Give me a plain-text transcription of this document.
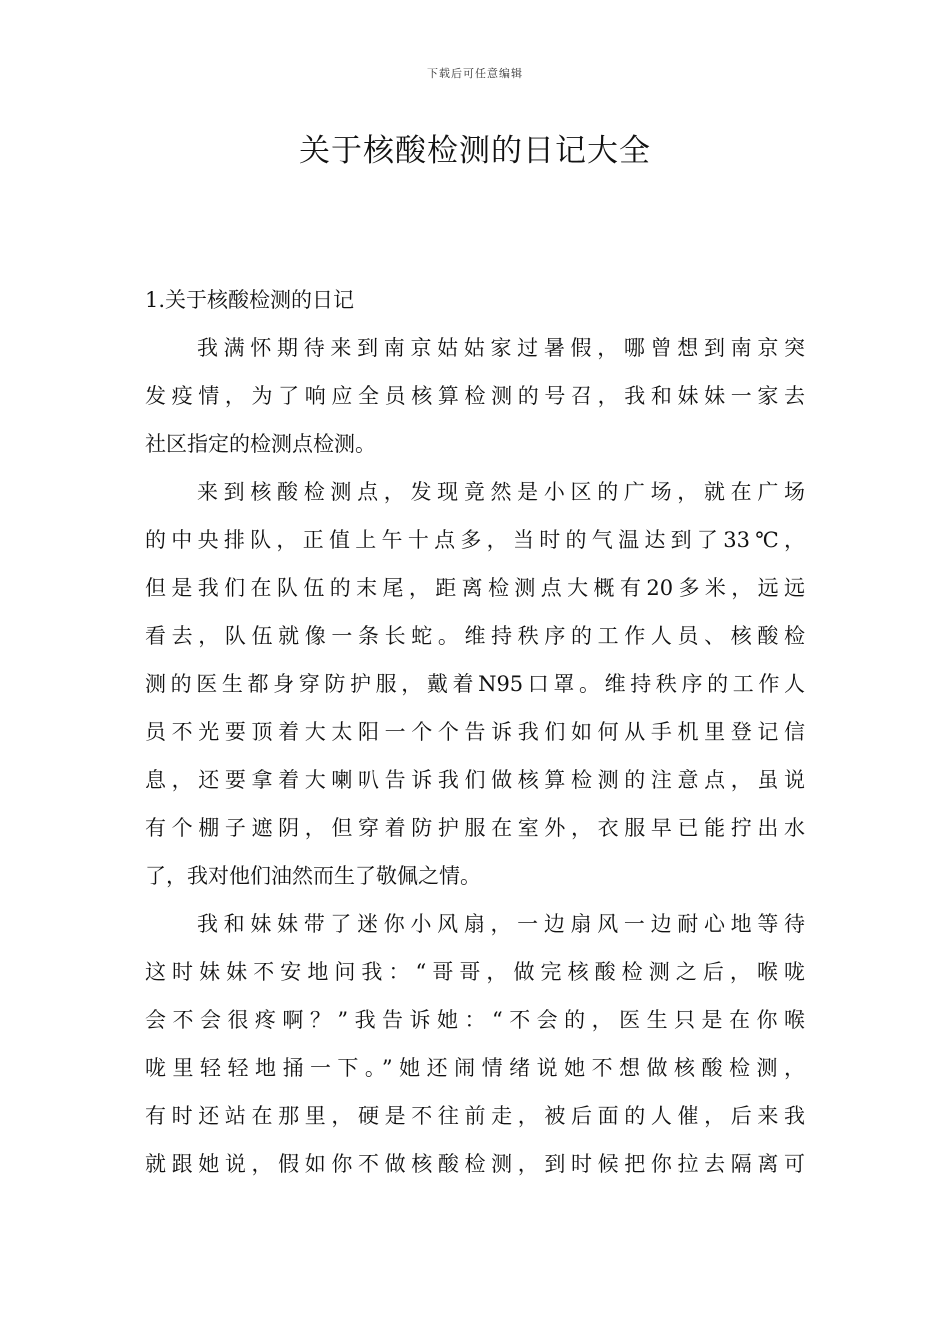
下载后可任意编辑
关于核酸检测的日记大全

1.关于核酸检测的日记

我满怀期待来到南京姑姑家过暑假，哪曾想到南京突
发疫情，为了响应全员核算检测的号召，我和妹妹一家去
社区指定的检测点检测。

来到核酸检测点，发现竟然是小区的广场，就在广场
的中央排队，正值上午十点多，当时的气温达到了33℃，
但是我们在队伍的末尾，距离检测点大概有20多米，远远
看去，队伍就像一条长蛇。维持秩序的工作人员、核酸检
测的医生都身穿防护服，戴着N95口罩。维持秩序的工作人
员不光要顶着大太阳一个个告诉我们如何从手机里登记信
息，还要拿着大喇叭告诉我们做核算检测的注意点，虽说
有个棚子遮阴，但穿着防护服在室外，衣服早已能拧出水
了，我对他们油然而生了敬佩之情。

我和妹妹带了迷你小风扇，一边扇风一边耐心地等待
这时妹妹不安地问我：“哥哥，做完核酸检测之后，喉咙
会不会很疼啊？”我告诉她：“不会的，医生只是在你喉
咙里轻轻地捅一下。”她还闹情绪说她不想做核酸检测，
有时还站在那里，硬是不往前走，被后面的人催，后来我
就跟她说，假如你不做核酸检测，到时候把你拉去隔离可
